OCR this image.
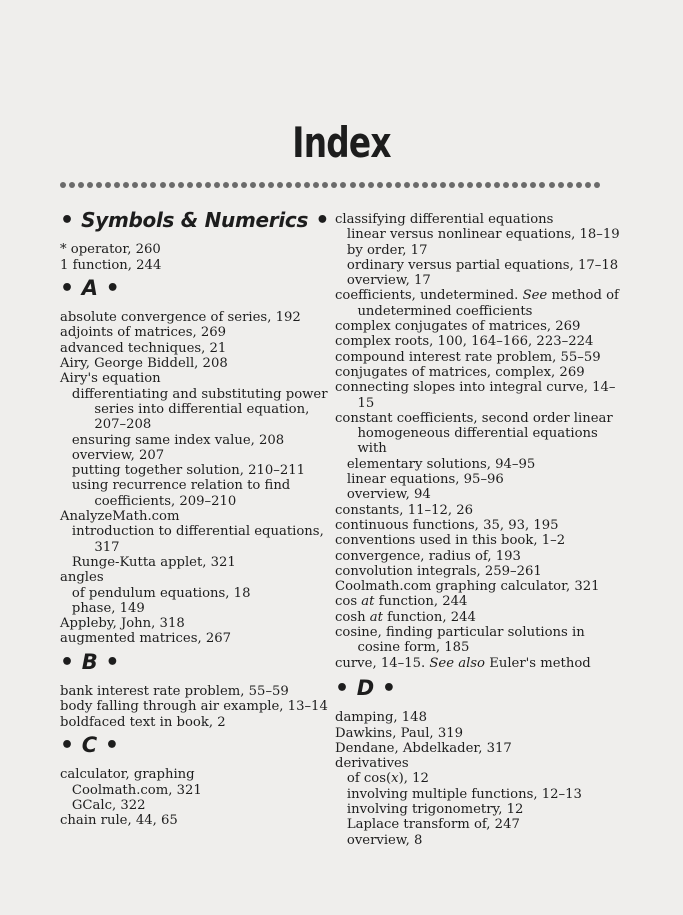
Index
• Symbols & Numerics •
* operator, 260
1 function, 244
• A •
absolute convergence of series, 192
adjoints of matrices, 269
advanced techniques, 21
Airy, George Biddell, 208
Airy's equation
differentiating and substituting power series into differential equation, 207–208
ensuring same index value, 208
overview, 207
putting together solution, 210–211
using recurrence relation to find coefficients, 209–210
AnalyzeMath.com
introduction to differential equations, 317
Runge-Kutta applet, 321
angles
of pendulum equations, 18
phase, 149
Appleby, John, 318
augmented matrices, 267
• B •
bank interest rate problem, 55–59
body falling through air example, 13–14
boldfaced text in book, 2
• C •
calculator, graphing
Coolmath.com, 321
GCalc, 322
chain rule, 44, 65
classifying differential equations
linear versus nonlinear equations, 18–19
by order, 17
ordinary versus partial equations, 17–18
overview, 17
coefficients, undetermined. See method of undetermined coefficients
complex conjugates of matrices, 269
complex roots, 100, 164–166, 223–224
compound interest rate problem, 55–59
conjugates of matrices, complex, 269
connecting slopes into integral curve, 14–15
constant coefficients, second order linear homogeneous differential equations with
elementary solutions, 94–95
linear equations, 95–96
overview, 94
constants, 11–12, 26
continuous functions, 35, 93, 195
conventions used in this book, 1–2
convergence, radius of, 193
convolution integrals, 259–261
Coolmath.com graphing calculator, 321
cos at function, 244
cosh at function, 244
cosine, finding particular solutions in cosine form, 185
curve, 14–15. See also Euler's method
• D •
damping, 148
Dawkins, Paul, 319
Dendane, Abdelkader, 317
derivatives
of cos(x), 12
involving multiple functions, 12–13
involving trigonometry, 12
Laplace transform of, 247
overview, 8
